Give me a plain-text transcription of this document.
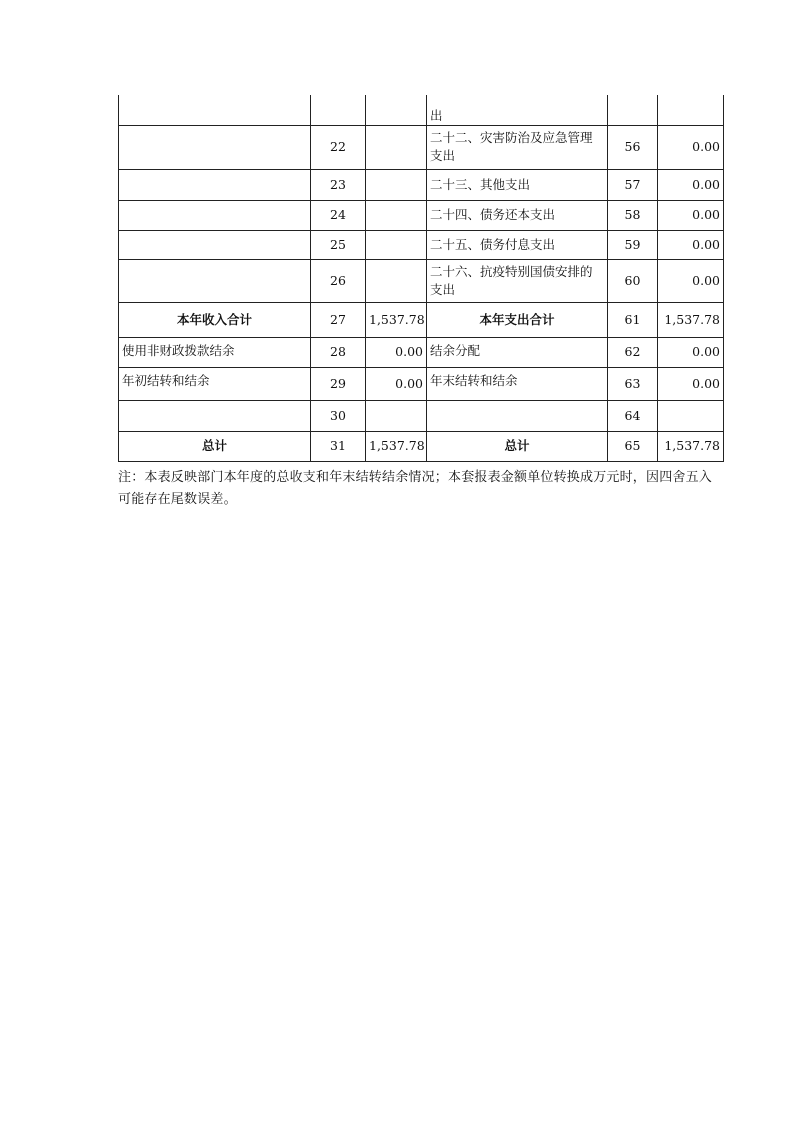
			出		
	22		二十二、灾害防治及应急管理支出	56	0.00
	23		二十三、其他支出	57	0.00
	24		二十四、债务还本支出	58	0.00
	25		二十五、债务付息支出	59	0.00
	26		二十六、抗疫特别国债安排的支出	60	0.00
本年收入合计	27	1,537.78	本年支出合计	61	1,537.78
使用非财政拨款结余	28	0.00	结余分配	62	0.00
年初结转和结余	29	0.00	年末结转和结余	63	0.00
	30			64	
总计	31	1,537.78	总计	65	1,537.78
注：本表反映部门本年度的总收支和年末结转结余情况；本套报表金额单位转换成万元时，因四舍五入可能存在尾数误差。
